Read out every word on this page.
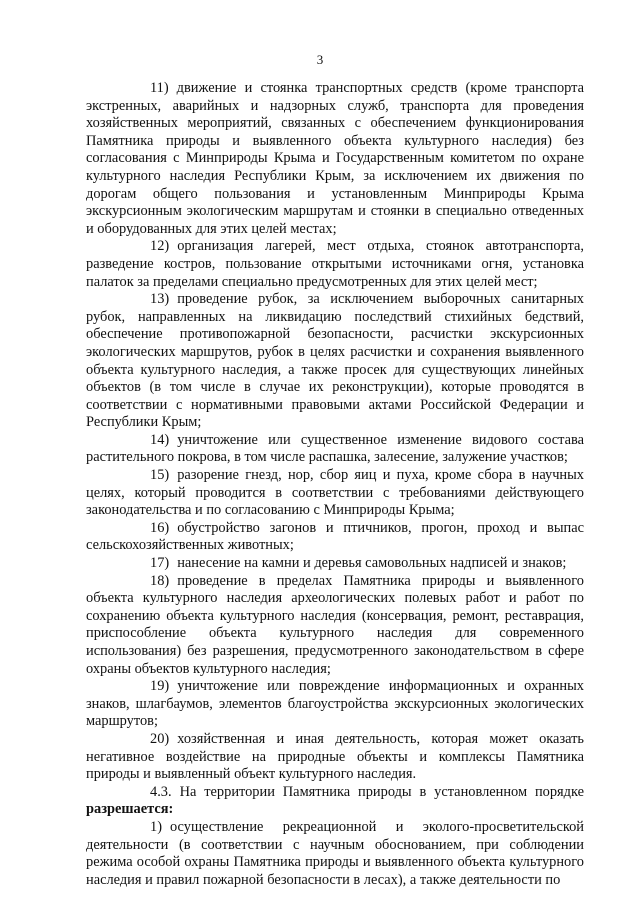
3

11) движение и стоянка транспортных средств (кроме транспорта экстренных, аварийных и надзорных служб, транспорта для проведения хозяйственных мероприятий, связанных с обеспечением функционирования Памятника природы и выявленного объекта культурного наследия) без согласования с Минприроды Крыма и Государственным комитетом по охране культурного наследия Республики Крым, за исключением их движения по дорогам общего пользования и установленным Минприроды Крыма экскурсионным экологическим маршрутам и стоянки в специально отведенных и оборудованных для этих целей местах;

12) организация лагерей, мест отдыха, стоянок автотранспорта, разведение костров, пользование открытыми источниками огня, установка палаток за пределами специально предусмотренных для этих целей мест;

13) проведение рубок, за исключением выборочных санитарных рубок, направленных на ликвидацию последствий стихийных бедствий, обеспечение противопожарной безопасности, расчистки экскурсионных экологических маршрутов, рубок в целях расчистки и сохранения выявленного объекта культурного наследия, а также просек для существующих линейных объектов (в том числе в случае их реконструкции), которые проводятся в соответствии с нормативными правовыми актами Российской Федерации и Республики Крым;

14) уничтожение или существенное изменение видового состава растительного покрова, в том числе распашка, залесение, залужение участков;

15) разорение гнезд, нор, сбор яиц и пуха, кроме сбора в научных целях, который проводится в соответствии с требованиями действующего законодательства и по согласованию с Минприроды Крыма;

16) обустройство загонов и птичников, прогон, проход и выпас сельскохозяйственных животных;

17) нанесение на камни и деревья самовольных надписей и знаков;

18) проведение в пределах Памятника природы и выявленного объекта культурного наследия археологических полевых работ и работ по сохранению объекта культурного наследия (консервация, ремонт, реставрация, приспособление объекта культурного наследия для современного использования) без разрешения, предусмотренного законодательством в сфере охраны объектов культурного наследия;

19) уничтожение или повреждение информационных и охранных знаков, шлагбаумов, элементов благоустройства экскурсионных экологических маршрутов;

20) хозяйственная и иная деятельность, которая может оказать негативное воздействие на природные объекты и комплексы Памятника природы и выявленный объект культурного наследия.

4.3. На территории Памятника природы в установленном порядке разрешается:

1) осуществление рекреационной и эколого-просветительской деятельности (в соответствии с научным обоснованием, при соблюдении режима особой охраны Памятника природы и выявленного объекта культурного наследия и правил пожарной безопасности в лесах), а также деятельности по
